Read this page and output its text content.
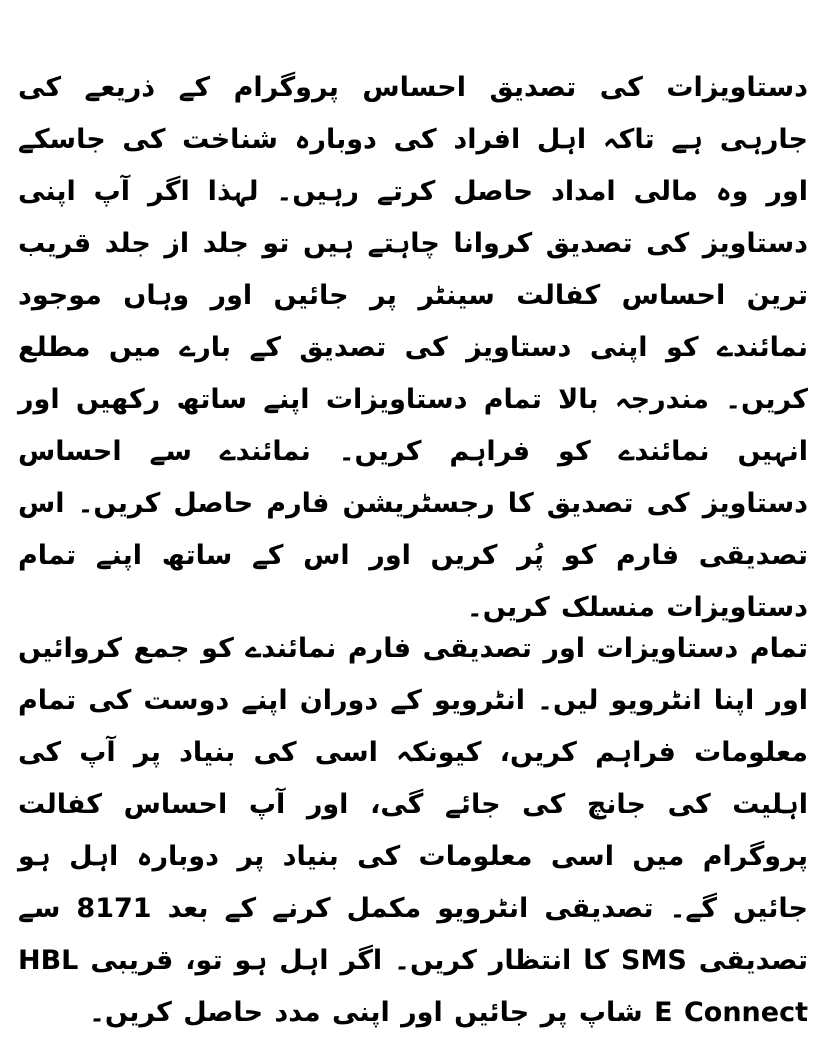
دستاویزات کی تصدیق احساس پروگرام کے ذریعے کی جارہی ہے تاکہ اہل افراد کی دوبارہ شناخت کی جاسکے اور وہ مالی امداد حاصل کرتے رہیں۔ لہذا اگر آپ اپنی دستاویز کی تصدیق کروانا چاہتے ہیں تو جلد از جلد قریب ترین احساس کفالت سینٹر پر جائیں اور وہاں موجود نمائندے کو اپنی دستاویز کی تصدیق کے بارے میں مطلع کریں۔ مندرجہ بالا تمام دستاویزات اپنے ساتھ رکھیں اور انہیں نمائندے کو فراہم کریں۔ نمائندے سے احساس دستاویز کی تصدیق کا رجسٹریشن فارم حاصل کریں۔ اس تصدیقی فارم کو پُر کریں اور اس کے ساتھ اپنے تمام دستاویزات منسلک کریں۔

تمام دستاویزات اور تصدیقی فارم نمائندے کو جمع کروائیں اور اپنا انٹرویو لیں۔ انٹرویو کے دوران اپنے دوست کی تمام معلومات فراہم کریں، کیونکہ اسی کی بنیاد پر آپ کی اہلیت کی جانچ کی جائے گی، اور آپ احساس کفالت پروگرام میں اسی معلومات کی بنیاد پر دوبارہ اہل ہو جائیں گے۔ تصدیقی انٹرویو مکمل کرنے کے بعد 8171 سے تصدیقی SMS کا انتظار کریں۔ اگر اہل ہو تو، قریبی HBL E Connect شاپ پر جائیں اور اپنی مدد حاصل کریں۔
